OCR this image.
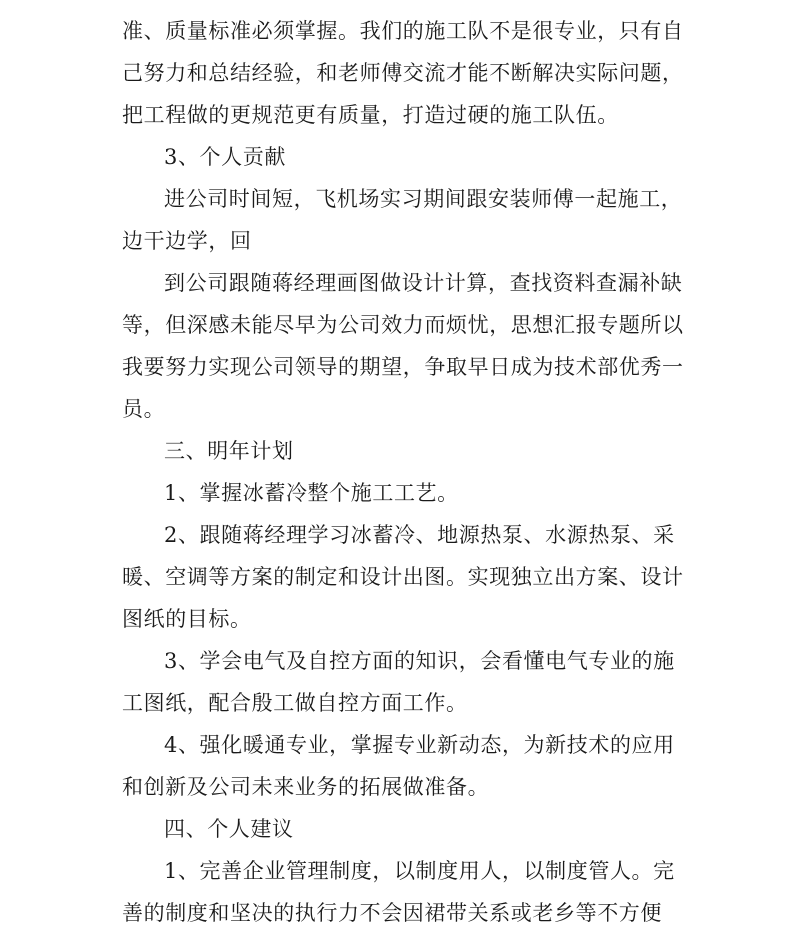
准、质量标准必须掌握。我们的施工队不是很专业，只有自
己努力和总结经验，和老师傅交流才能不断解决实际问题，
把工程做的更规范更有质量，打造过硬的施工队伍。
3、个人贡献
进公司时间短，飞机场实习期间跟安装师傅一起施工，
边干边学，回
到公司跟随蒋经理画图做设计计算，查找资料查漏补缺
等，但深感未能尽早为公司效力而烦忧，思想汇报专题所以
我要努力实现公司领导的期望，争取早日成为技术部优秀一
员。
三、明年计划
1、掌握冰蓄冷整个施工工艺。
2、跟随蒋经理学习冰蓄冷、地源热泵、水源热泵、采
暖、空调等方案的制定和设计出图。实现独立出方案、设计
图纸的目标。
3、学会电气及自控方面的知识，会看懂电气专业的施
工图纸，配合殷工做自控方面工作。
4、强化暖通专业，掌握专业新动态，为新技术的应用
和创新及公司未来业务的拓展做准备。
四、个人建议
1、完善企业管理制度，以制度用人，以制度管人。完
善的制度和坚决的执行力不会因裙带关系或老乡等不方便
